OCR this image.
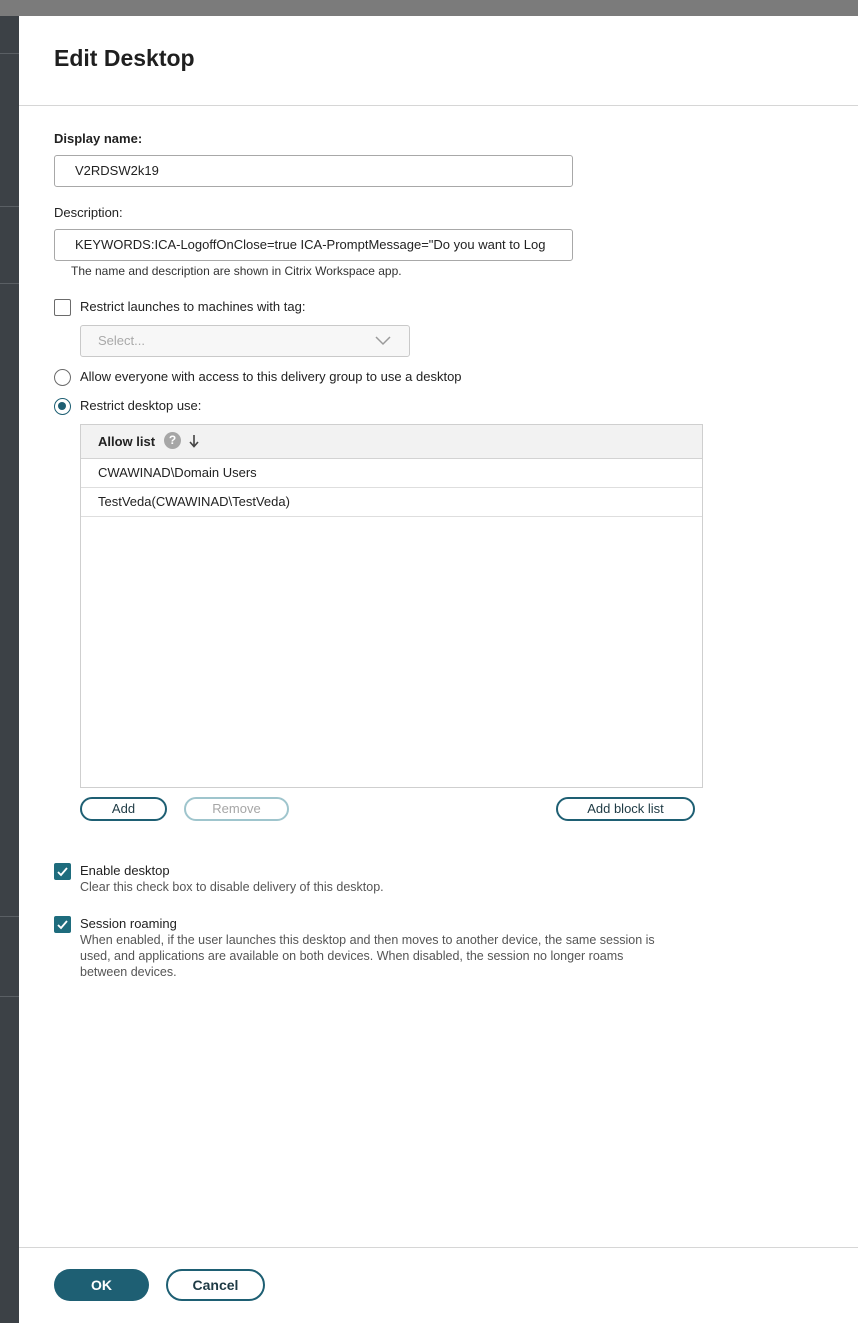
Edit Desktop
Display name:
V2RDSW2k19
Description:
KEYWORDS:ICA-LogoffOnClose=true ICA-PromptMessage="Do you want to Log
The name and description are shown in Citrix Workspace app.
Restrict launches to machines with tag:
Select...
Allow everyone with access to this delivery group to use a desktop
Restrict desktop use:
Allow list	?
CWAWINAD\Domain Users
TestVeda(CWAWINAD\TestVeda)
Add	Remove	Add block list
Enable desktop
Clear this check box to disable delivery of this desktop.
Session roaming
When enabled, if the user launches this desktop and then moves to another device, the same session is
used, and applications are available on both devices. When disabled, the session no longer roams
between devices.
OK	Cancel
